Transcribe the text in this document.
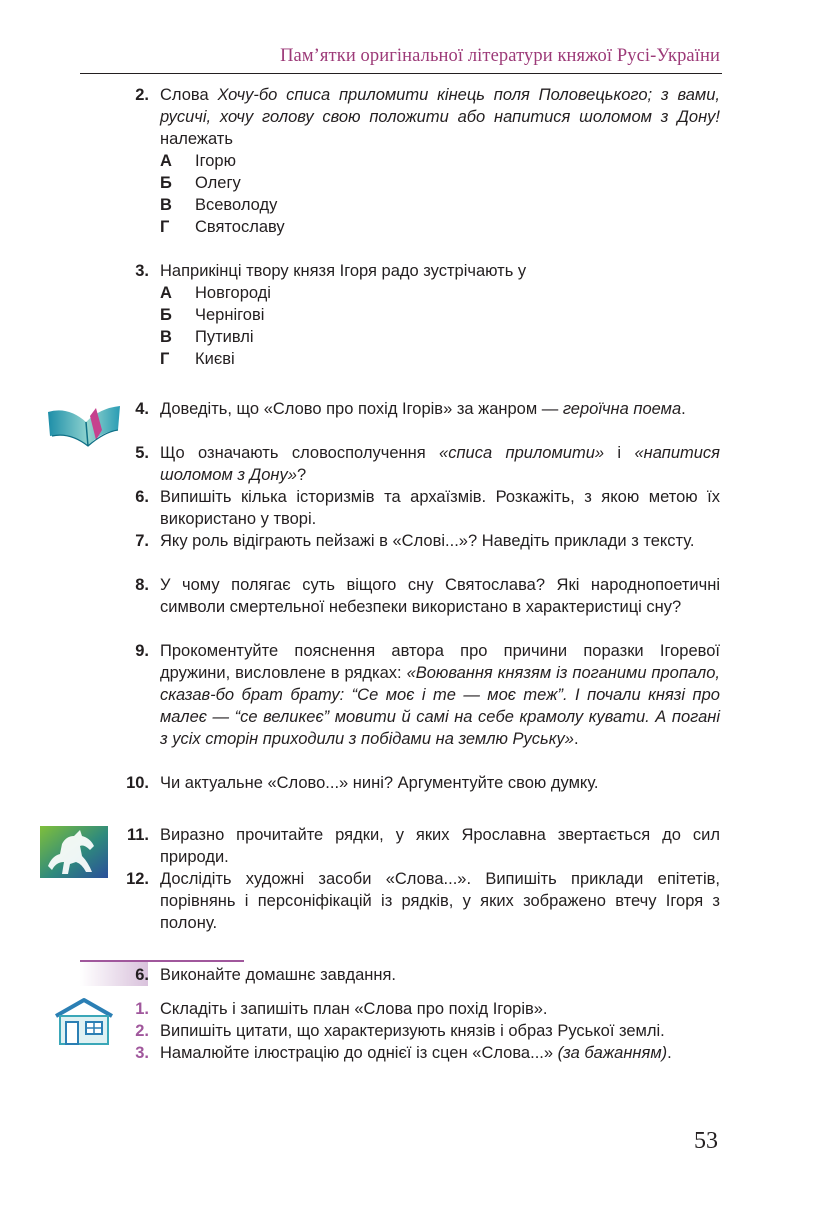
Пам’ятки оригінальної літератури княжої Русі-України
2. Слова Хочу-бо списа приломити кінець поля Половецького; з вами, русичі, хочу голову свою положити або напитися шоломом з Дону! належать
А Ігорю
Б Олегу
В Всеволоду
Г Святославу
3. Наприкінці твору князя Ігоря радо зустрічають у
А Новгороді
Б Чернігові
В Путивлі
Г Києві
4. Доведіть, що «Слово про похід Ігорів» за жанром — героїчна поема.
5. Що означають словосполучення «списа приломити» і «напитися шоломом з Дону»?
6. Випишіть кілька історизмів та архаїзмів. Розкажіть, з якою метою їх використано у творі.
7. Яку роль відіграють пейзажі в «Слові...»? Наведіть приклади з тексту.
8. У чому полягає суть віщого сну Святослава? Які народнопоетичні символи смертельної небезпеки використано в характеристиці сну?
9. Прокоментуйте пояснення автора про причини поразки Ігоревої дружини, висловлене в рядках: «Воювання князям із поганими пропало, сказав-бо брат брату: “Се моє і те — моє теж”. І почали князі про малеє — “се великеє” мовити й самі на себе крамолу кувати. А погані з усіх сторін приходили з побідами на землю Руську».
10. Чи актуальне «Слово...» нині? Аргументуйте свою думку.
11. Виразно прочитайте рядки, у яких Ярославна звертається до сил природи.
12. Дослідіть художні засоби «Слова...». Випишіть приклади епітетів, порівнянь і персоніфікацій із рядків, у яких зображено втечу Ігоря з полону.
6. Виконайте домашнє завдання.
1. Складіть і запишіть план «Слова про похід Ігорів».
2. Випишіть цитати, що характеризують князів і образ Руської землі.
3. Намалюйте ілюстрацію до однієї із сцен «Слова...» (за бажанням).
53
